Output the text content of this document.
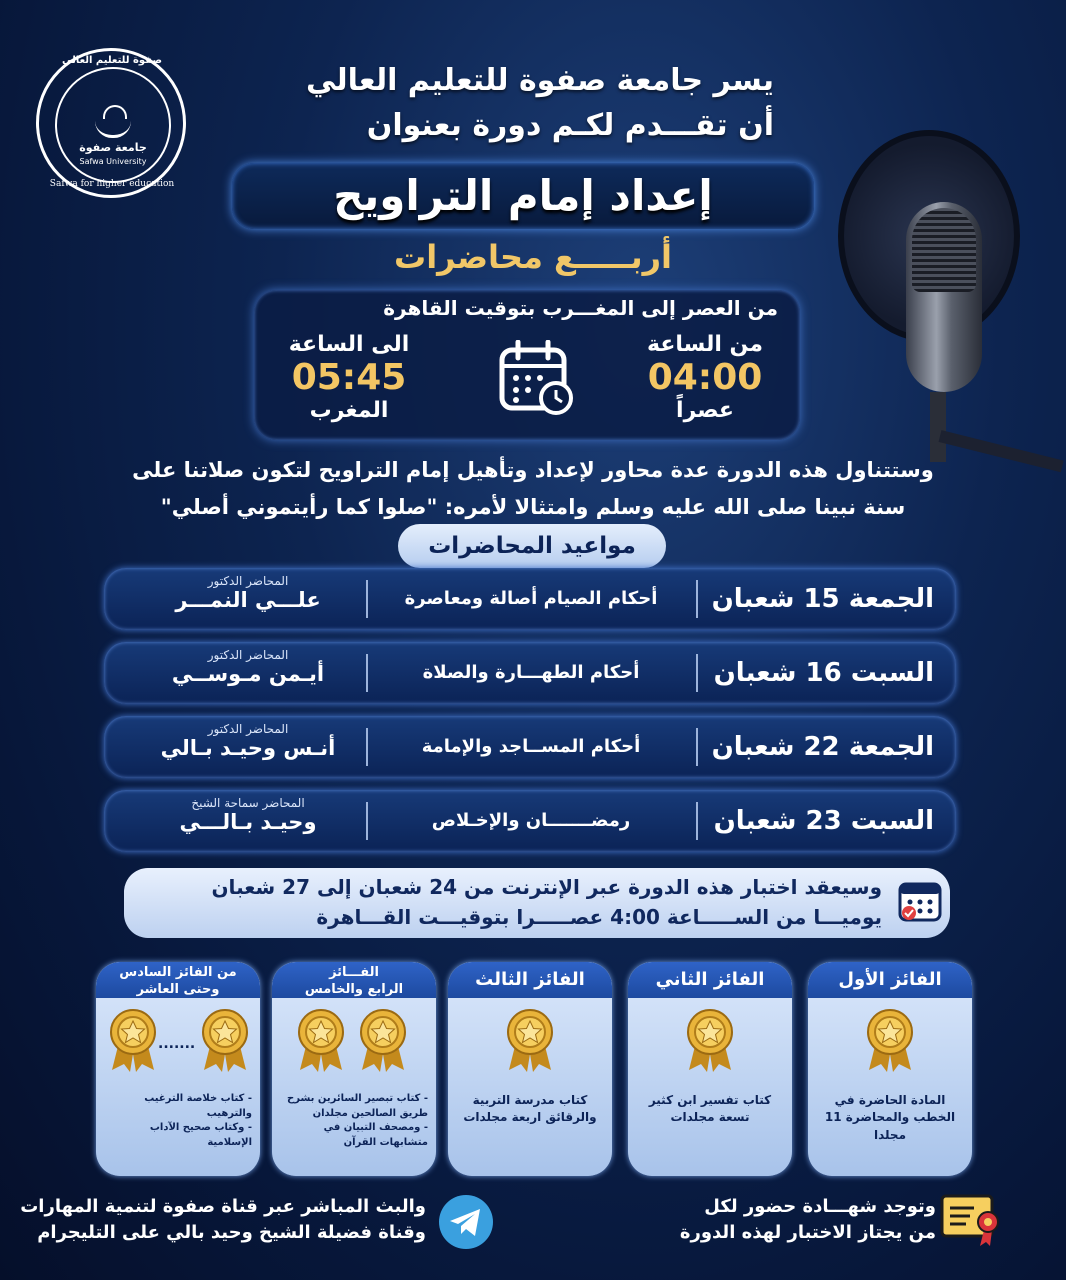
صفوة للتعليم العالي
جامعة صفوة
Safwa University
Safwa for higher education
يسر جامعة صفوة للتعليم العالي
أن تقـــدم لكـم دورة بعنوان
إعداد إمام التراويح
أربـــــع محاضرات
من العصر إلى المغـــرب بتوقيت القاهرة
من الساعة
04:00
عصراً
الى الساعة
05:45
المغرب
وستتناول هذه الدورة عدة محاور لإعداد وتأهيل إمام التراويح لتكون صلاتنا على
سنة نبينا صلى الله عليه وسلم وامتثالا لأمره: "صلوا كما رأيتموني أصلي"
مواعيد المحاضرات
الجمعة 15 شعبان
أحكام الصيام أصالة ومعاصرة
المحاضر الدكتور
علـــي النمـــر
السبت 16 شعبان
أحكام الطهـــارة والصلاة
المحاضر الدكتور
أيـمن مـوســي
الجمعة 22 شعبان
أحكام المســاجد والإمامة
المحاضر الدكتور
أنـس وحيـد بـالي
السبت 23 شعبان
رمضـــــــان والإخـلاص
المحاضر سماحة الشيخ
وحيـد بـالـــي
وسيعقد اختبار هذه الدورة عبر الإنترنت من 24 شعبان إلى 27 شعبان
يوميـــا من الســـــاعة 4:00 عصـــــرا بتوقيـــت القـــاهرة
الفائز الأول
المادة الحاضرة في الخطب والمحاضرة 11 مجلدا
الفائز الثاني
كتاب تفسير ابن كثير تسعة مجلدات
الفائز الثالث
كتاب مدرسة التربية والرقائق اربعة مجلدات
الفـــائز
الرابع والخامس
- كتاب تبصير السائرين بشرح طريق الصالحين مجلدان
- ومصحف التبيان في متشابهات القرآن
من الفائز السادس
وحتى العاشر
.......
- كتاب خلاصة الترغيب والترهيب
- وكتاب صحيح الآداب الإسلامية
وتوجد شهـــادة حضور لكل
من يجتاز الاختبار لهذه الدورة
والبث المباشر عبر قناة صفوة لتنمية المهارات
وقناة فضيلة الشيخ وحيد بالي على التليجرام
